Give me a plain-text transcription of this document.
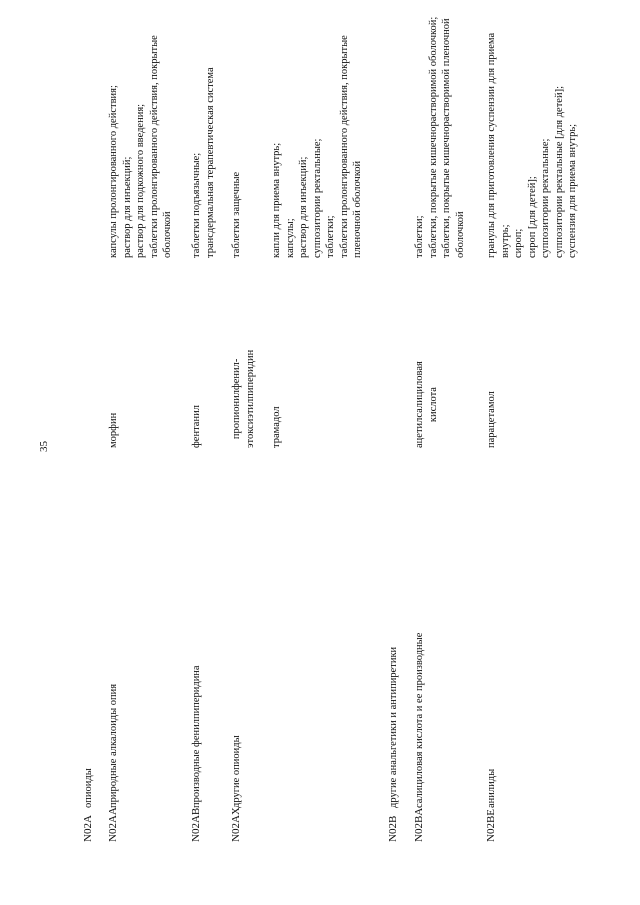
35
N02A
опиоиды
N02AA
природные алкалоиды опия
морфин
капсулы пролонгированного действия; раствор для инъекций; раствор для подкожного введения; таблетки пролонгированного действия, покрытые оболочкой
N02AB
производные фенилпиперидина
фентанил
таблетки подъязычные; трансдермальная терапевтическая система
N02AX
другие опиоиды
пропионилфенил- этоксиэтилпиперидин
таблетки защечные
трамадол
капли для приема внутрь; капсулы; раствор для инъекций; суппозитории ректальные; таблетки; таблетки пролонгированного действия, покрытые пленочной оболочкой
N02B
другие анальгетики и антипиретики
N02BA
салициловая кислота и ее производные
ацетилсалициловая кислота
таблетки; таблетки, покрытые кишечнорастворимой оболочкой; таблетки, покрытые кишечнорастворимой пленочной оболочкой
N02BE
анилиды
парацетамол
гранулы для приготовления суспензии для приема внутрь; сироп; сироп [для детей]; суппозитории ректальные; суппозитории ректальные [для детей]; суспензия для приема внутрь;
